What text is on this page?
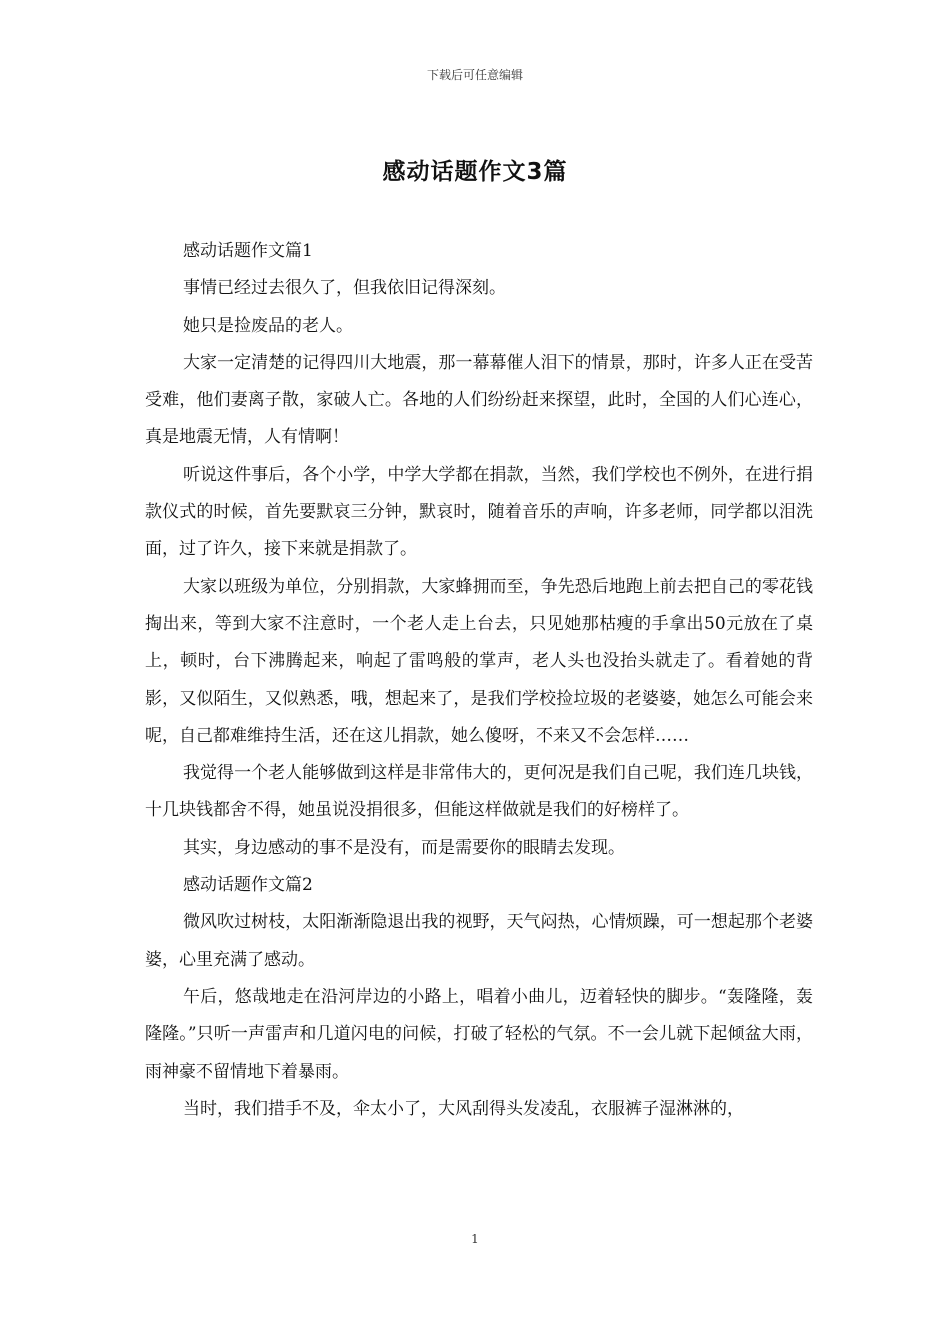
下载后可任意编辑
感动话题作文3篇

感动话题作文篇1

事情已经过去很久了，但我依旧记得深刻。

她只是捡废品的老人。

大家一定清楚的记得四川大地震，那一幕幕催人泪下的情景，那时，许多人正在受苦受难，他们妻离子散，家破人亡。各地的人们纷纷赶来探望，此时，全国的人们心连心，真是地震无情，人有情啊！

听说这件事后，各个小学，中学大学都在捐款，当然，我们学校也不例外，在进行捐款仪式的时候，首先要默哀三分钟，默哀时，随着音乐的声响，许多老师，同学都以泪洗面，过了许久，接下来就是捐款了。

大家以班级为单位，分别捐款，大家蜂拥而至，争先恐后地跑上前去把自己的零花钱掏出来，等到大家不注意时，一个老人走上台去，只见她那枯瘦的手拿出50元放在了桌上，顿时，台下沸腾起来，响起了雷鸣般的掌声，老人头也没抬头就走了。看着她的背影，又似陌生，又似熟悉，哦，想起来了，是我们学校捡垃圾的老婆婆，她怎么可能会来呢，自己都难维持生活，还在这儿捐款，她么傻呀，不来又不会怎样……

我觉得一个老人能够做到这样是非常伟大的，更何况是我们自己呢，我们连几块钱，十几块钱都舍不得，她虽说没捐很多，但能这样做就是我们的好榜样了。

其实，身边感动的事不是没有，而是需要你的眼睛去发现。

感动话题作文篇2

微风吹过树枝，太阳渐渐隐退出我的视野，天气闷热，心情烦躁，可一想起那个老婆婆，心里充满了感动。

午后，悠哉地走在沿河岸边的小路上，唱着小曲儿，迈着轻快的脚步。“轰隆隆，轰隆隆。”只听一声雷声和几道闪电的问候，打破了轻松的气氛。不一会儿就下起倾盆大雨，雨神豪不留情地下着暴雨。

当时，我们措手不及，伞太小了，大风刮得头发凌乱，衣服裤子湿淋淋的，

1
